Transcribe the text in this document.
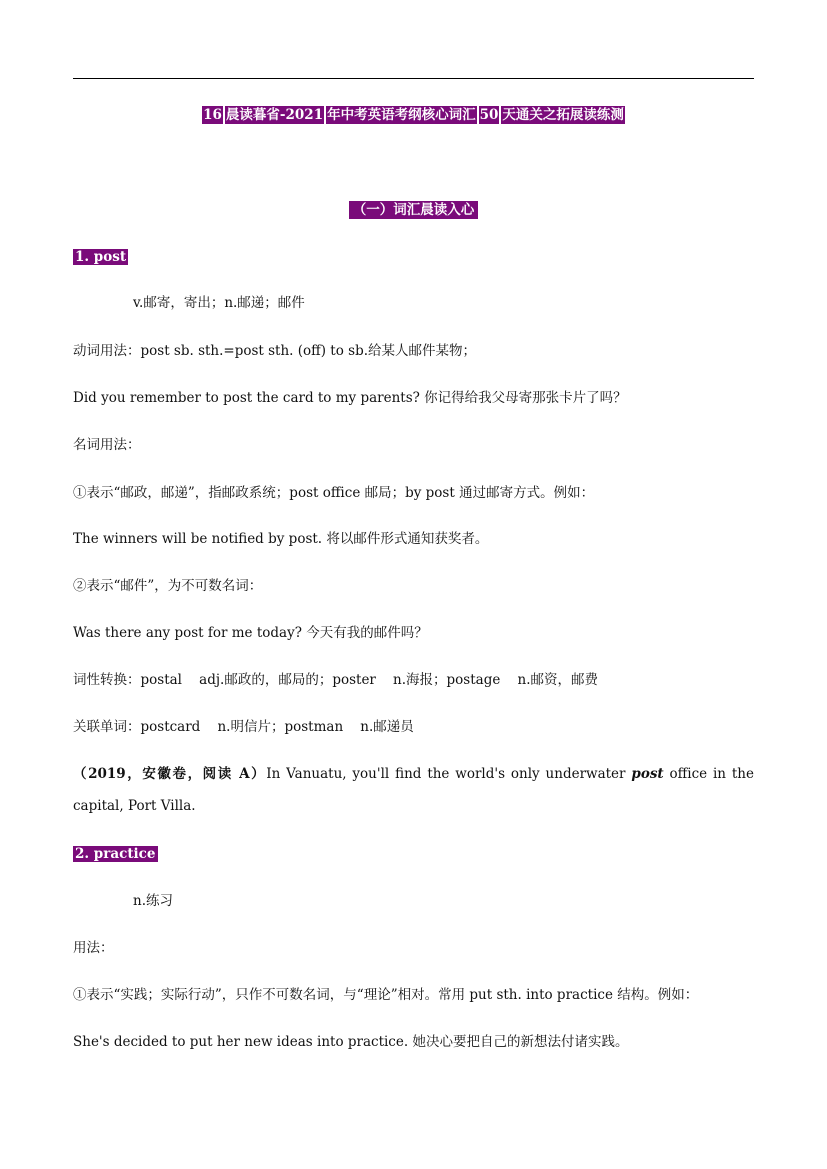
16 晨读暮省-2021 年中考英语考纲核心词汇 50 天通关之拓展读练测
（一）词汇晨读入心
1. post
v.邮寄，寄出；n.邮递；邮件
动词用法：post sb. sth.=post sth. (off) to sb.给某人邮件某物；
Did you remember to post the card to my parents? 你记得给我父母寄那张卡片了吗？
名词用法：
①表示“邮政，邮递”，指邮政系统；post office 邮局；by post 通过邮寄方式。例如：
The winners will be notified by post. 将以邮件形式通知获奖者。
②表示“邮件”，为不可数名词：
Was there any post for me today? 今天有我的邮件吗？
词性转换：postal    adj.邮政的，邮局的；poster    n.海报；postage    n.邮资，邮费
关联单词：postcard    n.明信片；postman    n.邮递员
（2019，安徽卷，阅读 A）In Vanuatu, you'll find the world's only underwater post office in the capital, Port Villa.
2. practice
n.练习
用法：
①表示“实践；实际行动”，只作不可数名词，与“理论”相对。常用 put sth. into practice 结构。例如：
She's decided to put her new ideas into practice. 她决心要把自己的新想法付诸实践。
